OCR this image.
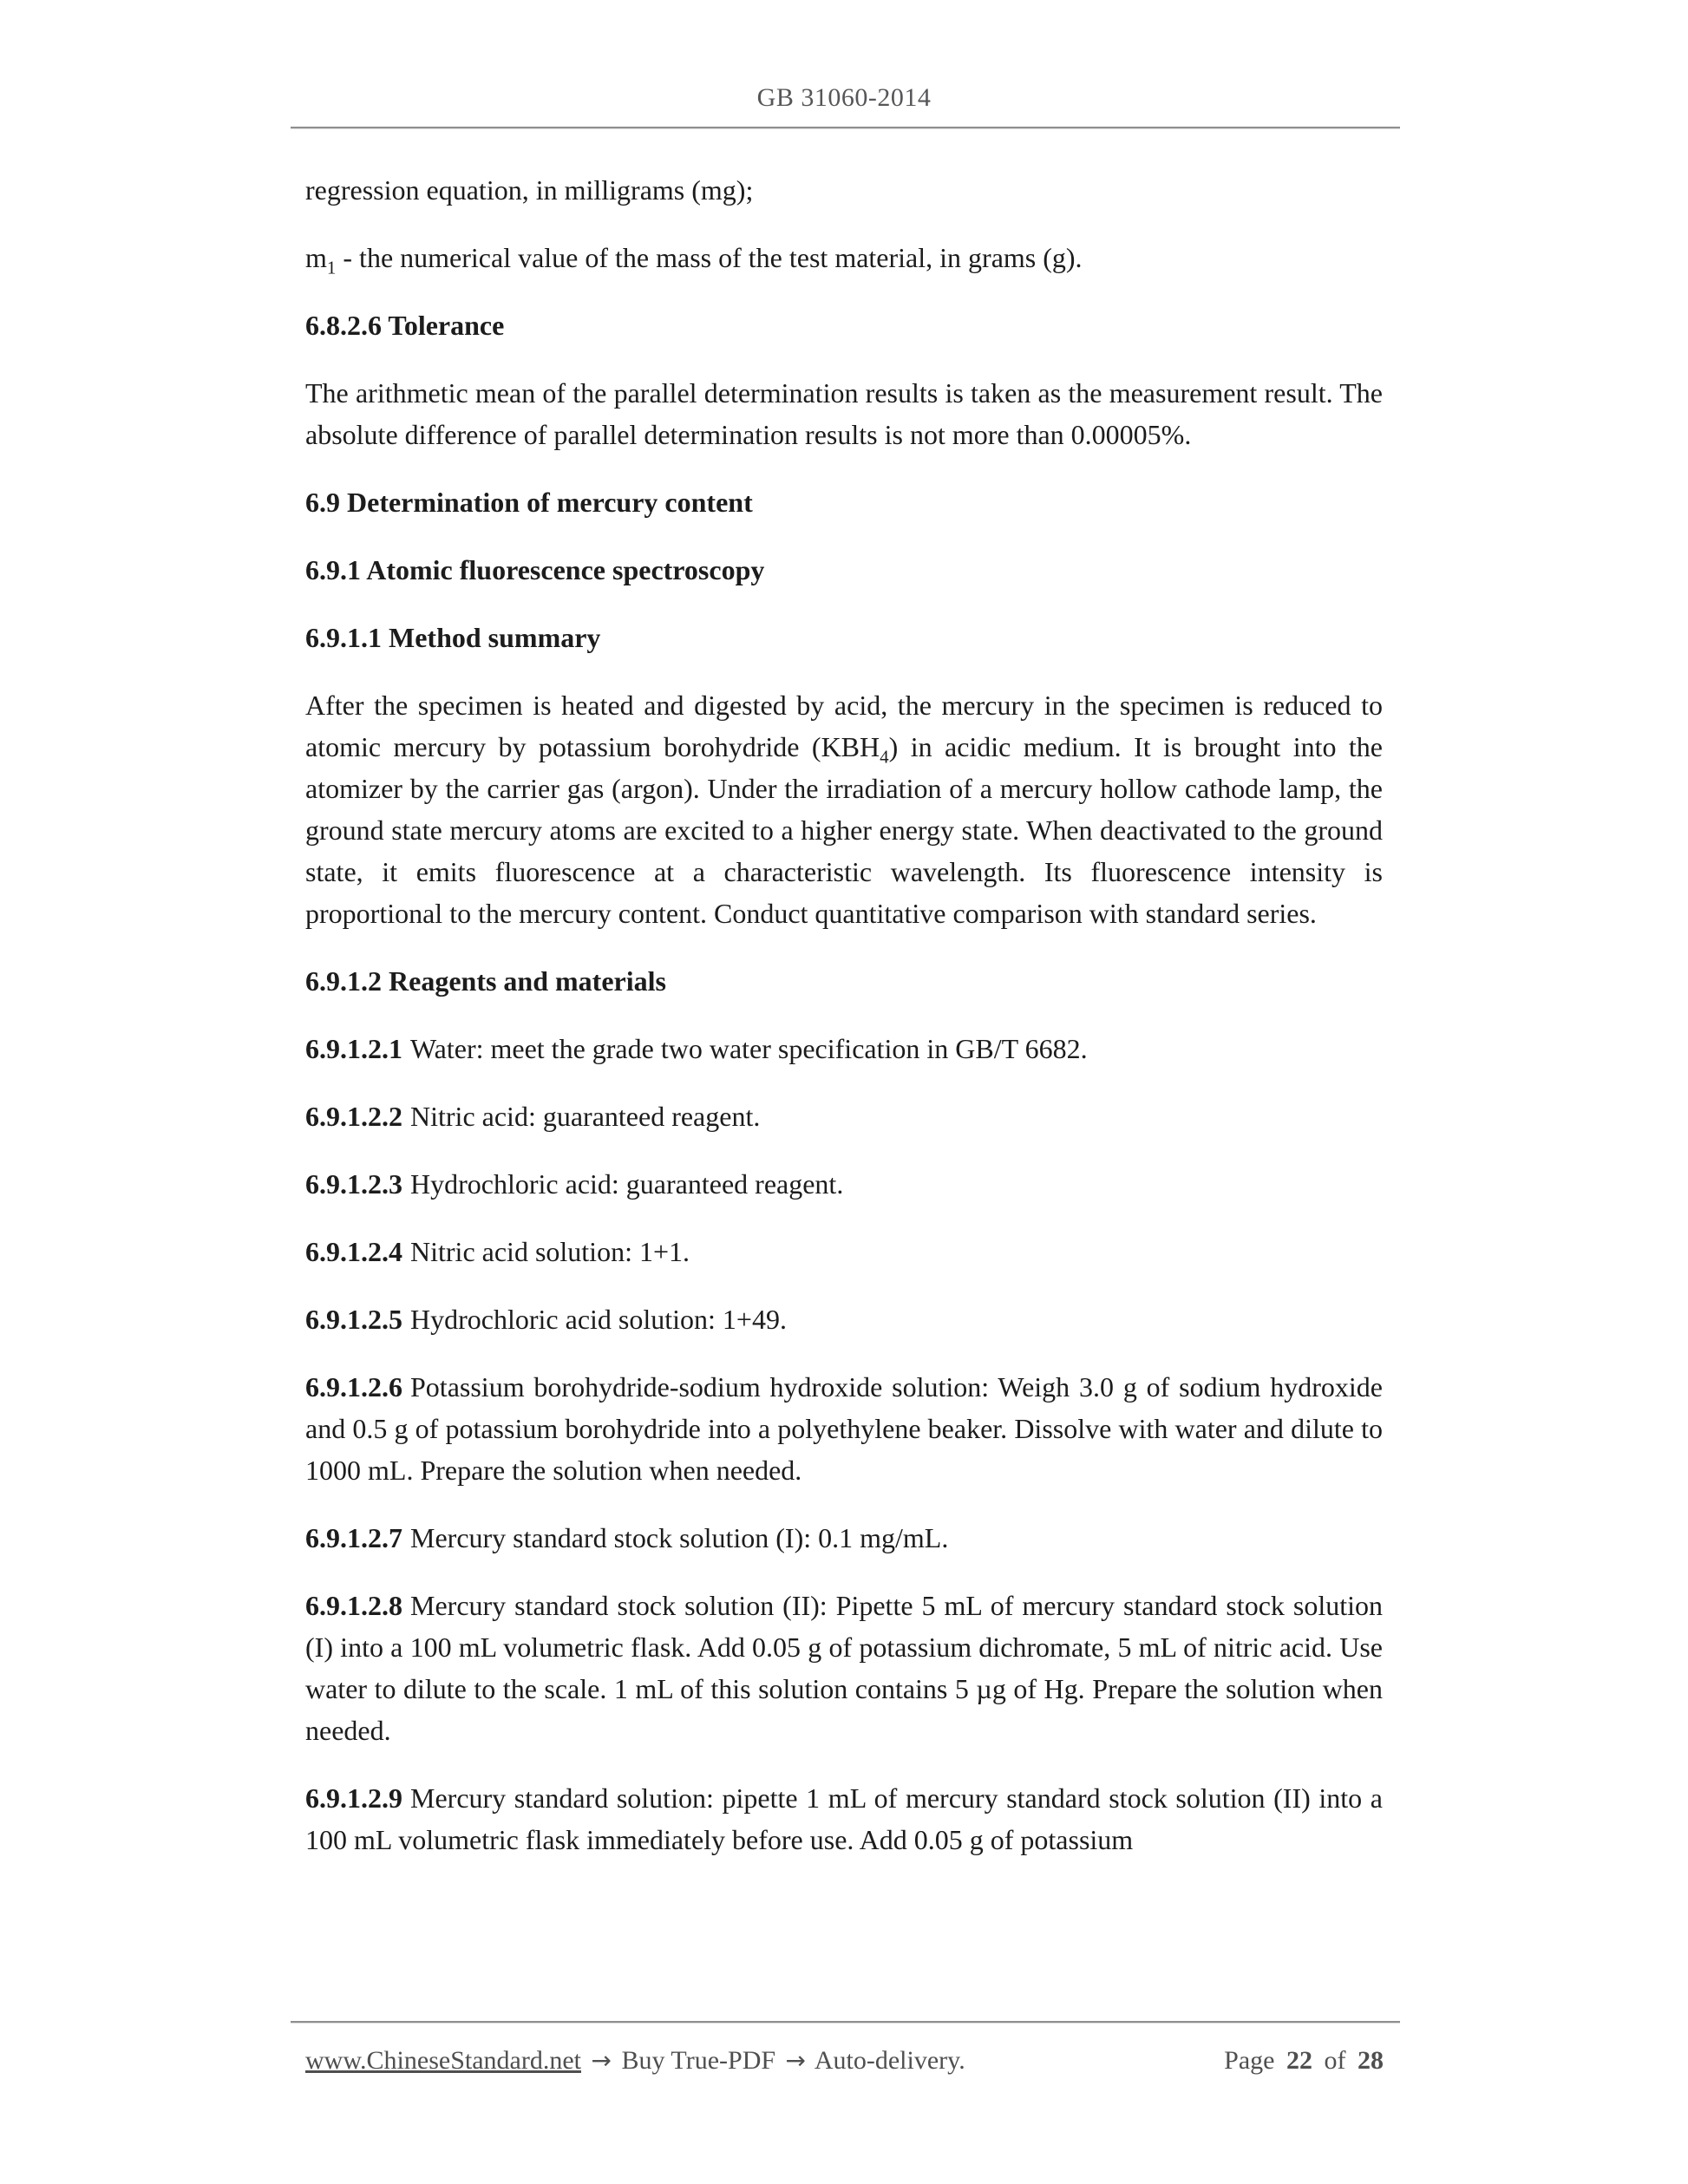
GB 31060-2014

regression equation, in milligrams (mg);

$m_1$ - the numerical value of the mass of the test material, in grams (g).

6.8.2.6 Tolerance

The arithmetic mean of the parallel determination results is taken as the measurement result. The absolute difference of parallel determination results is not more than 0.00005%.

6.9 Determination of mercury content

6.9.1 Atomic fluorescence spectroscopy

6.9.1.1 Method summary

After the specimen is heated and digested by acid, the mercury in the specimen is reduced to atomic mercury by potassium borohydride $(KBH_4)$ in acidic medium. It is brought into the atomizer by the carrier gas (argon). Under the irradiation of a mercury hollow cathode lamp, the ground state mercury atoms are excited to a higher energy state. When deactivated to the ground state, it emits fluorescence at a characteristic wavelength. Its fluorescence intensity is proportional to the mercury content. Conduct quantitative comparison with standard series.

6.9.1.2 Reagents and materials

6.9.1.2.1 Water: meet the grade two water specification in GB/T 6682.

6.9.1.2.2 Nitric acid: guaranteed reagent.

6.9.1.2.3 Hydrochloric acid: guaranteed reagent.

6.9.1.2.4 Nitric acid solution: 1+1.

6.9.1.2.5 Hydrochloric acid solution: 1+49.

6.9.1.2.6 Potassium borohydride-sodium hydroxide solution: Weigh 3.0 g of sodium hydroxide and 0.5 g of potassium borohydride into a polyethylene beaker. Dissolve with water and dilute to 1000 mL. Prepare the solution when needed.

6.9.1.2.7 Mercury standard stock solution (I): 0.1 mg/mL.

6.9.1.2.8 Mercury standard stock solution (II): Pipette 5 mL of mercury standard stock solution (I) into a 100 mL volumetric flask. Add 0.05 g of potassium dichromate, 5 mL of nitric acid. Use water to dilute to the scale. 1 mL of this solution contains 5 µg of Hg. Prepare the solution when needed.

6.9.1.2.9 Mercury standard solution: pipette 1 mL of mercury standard stock solution (II) into a 100 mL volumetric flask immediately before use. Add 0.05 g of potassium

www.ChineseStandard.net → Buy True-PDF → Auto-delivery.	Page 22 of 28
